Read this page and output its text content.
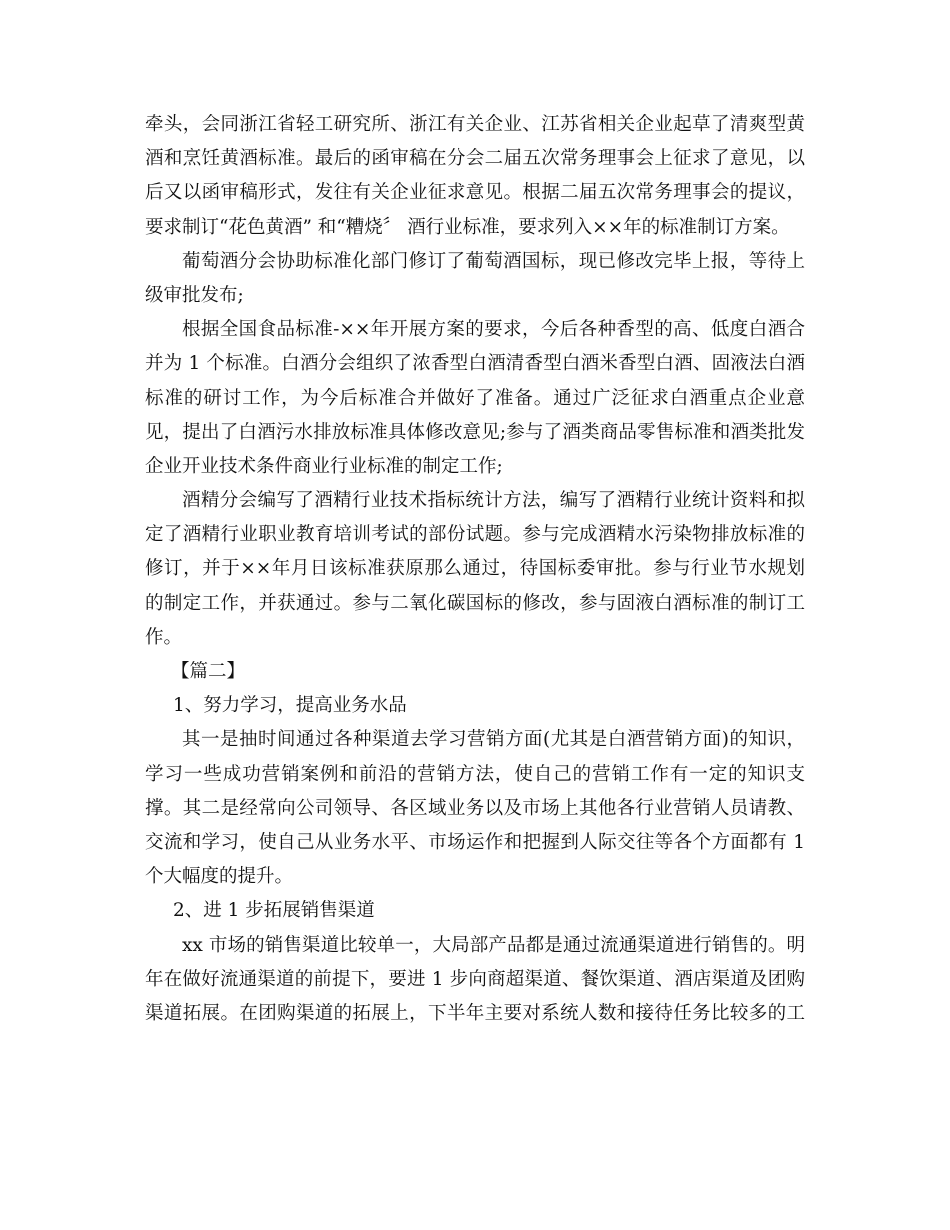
牵头，会同浙江省轻工研究所、浙江有关企业、江苏省相关企业起草了清爽型黄
酒和烹饪黄酒标准。最后的函审稿在分会二届五次常务理事会上征求了意见，以
后又以函审稿形式，发往有关企业征求意见。根据二届五次常务理事会的提议，
要求制订“花色黄酒” 和“糟烧〞 酒行业标准，要求列入××年的标准制订方案。
葡萄酒分会协助标准化部门修订了葡萄酒国标，现已修改完毕上报，等待上
级审批发布;
根据全国食品标准-××年开展方案的要求，今后各种香型的高、低度白酒合
并为 1 个标准。白酒分会组织了浓香型白酒清香型白酒米香型白酒、固液法白酒
标准的研讨工作，为今后标准合并做好了准备。通过广泛征求白酒重点企业意
见，提出了白酒污水排放标准具体修改意见;参与了酒类商品零售标准和酒类批发
企业开业技术条件商业行业标准的制定工作;
酒精分会编写了酒精行业技术指标统计方法，编写了酒精行业统计资料和拟
定了酒精行业职业教育培训考试的部份试题。参与完成酒精水污染物排放标准的
修订，并于××年月日该标准获原那么通过，待国标委审批。参与行业节水规划
的制定工作，并获通过。参与二氧化碳国标的修改，参与固液白酒标准的制订工
作。
【篇二】
1、努力学习，提高业务水品
其一是抽时间通过各种渠道去学习营销方面(尤其是白酒营销方面)的知识，
学习一些成功营销案例和前沿的营销方法，使自己的营销工作有一定的知识支
撑。其二是经常向公司领导、各区域业务以及市场上其他各行业营销人员请教、
交流和学习，使自己从业务水平、市场运作和把握到人际交往等各个方面都有 1
个大幅度的提升。
2、进 1 步拓展销售渠道
xx 市场的销售渠道比较单一，大局部产品都是通过流通渠道进行销售的。明
年在做好流通渠道的前提下，要进 1 步向商超渠道、餐饮渠道、酒店渠道及团购
渠道拓展。在团购渠道的拓展上，下半年主要对系统人数和接待任务比较多的工
